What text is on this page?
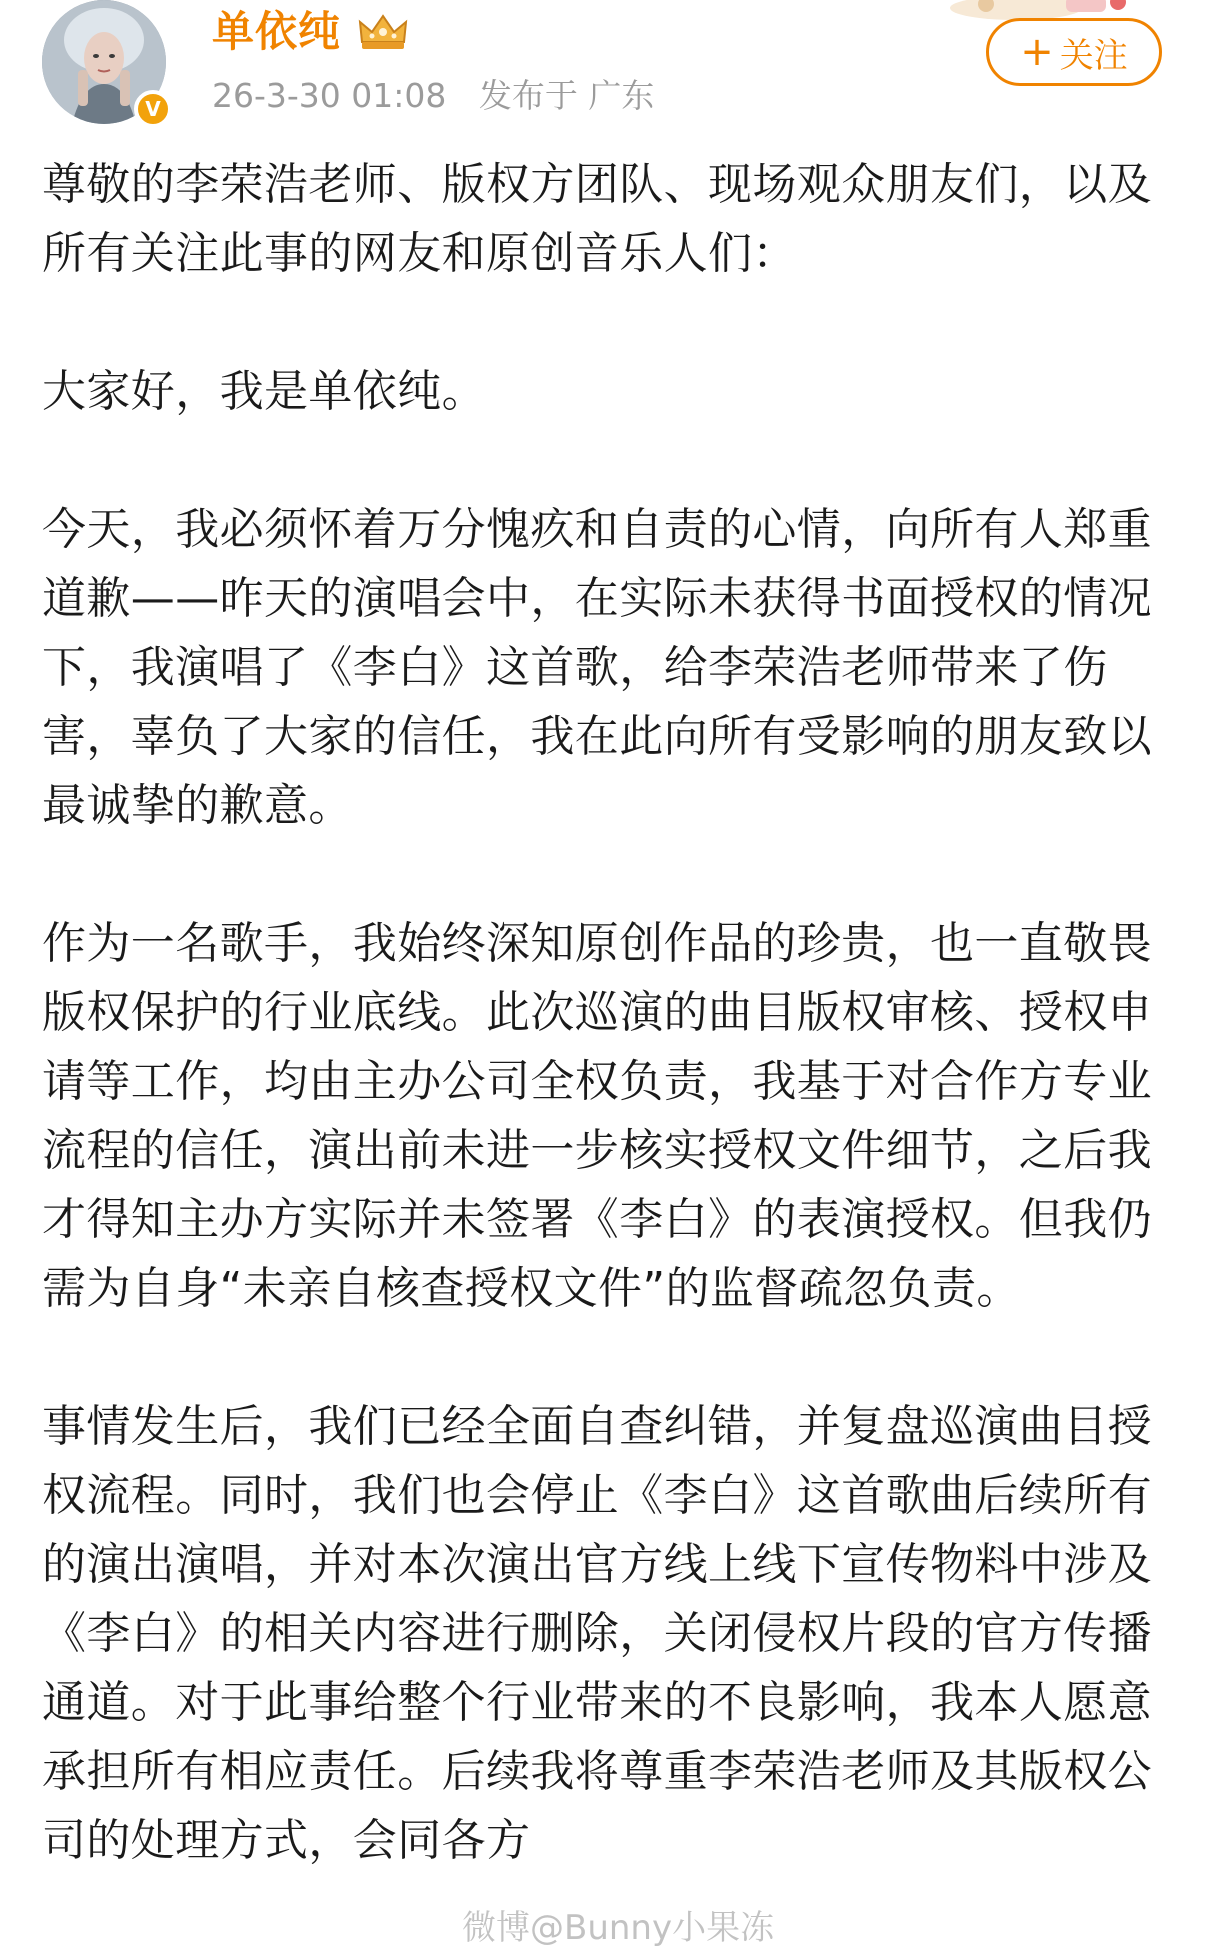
V
单依纯
26-3-30 01:08 发布于 广东
+ 关注

尊敬的李荣浩老师、版权方团队、现场观众朋友们，以及所有关注此事的网友和原创音乐人们：

大家好，我是单依纯。

今天，我必须怀着万分愧疚和自责的心情，向所有人郑重道歉——昨天的演唱会中，在实际未获得书面授权的情况下，我演唱了《李白》这首歌，给李荣浩老师带来了伤害，辜负了大家的信任，我在此向所有受影响的朋友致以最诚挚的歉意。

作为一名歌手，我始终深知原创作品的珍贵，也一直敬畏版权保护的行业底线。此次巡演的曲目版权审核、授权申请等工作，均由主办公司全权负责，我基于对合作方专业流程的信任，演出前未进一步核实授权文件细节，之后我才得知主办方实际并未签署《李白》的表演授权。但我仍需为自身“未亲自核查授权文件”的监督疏忽负责。

事情发生后，我们已经全面自查纠错，并复盘巡演曲目授权流程。同时，我们也会停止《李白》这首歌曲后续所有的演出演唱，并对本次演出官方线上线下宣传物料中涉及《李白》的相关内容进行删除，关闭侵权片段的官方传播通道。对于此事给整个行业带来的不良影响，我本人愿意承担所有相应责任。后续我将尊重李荣浩老师及其版权公司的处理方式，会同各方

微博@Bunny小果冻
